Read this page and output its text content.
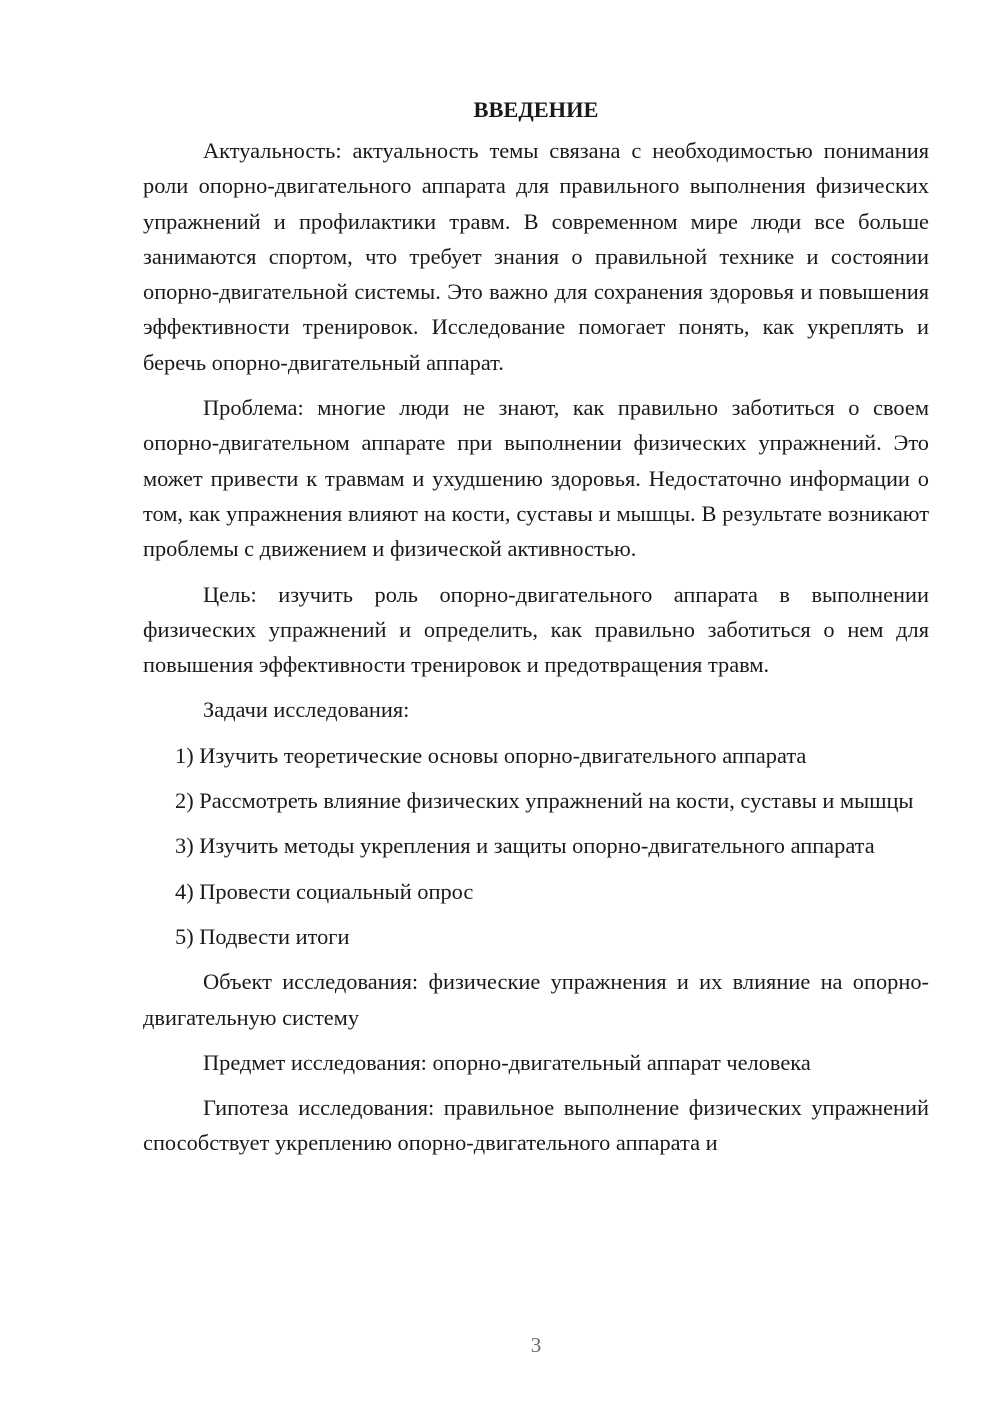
ВВЕДЕНИЕ

Актуальность: актуальность темы связана с необходимостью понимания роли опорно-двигательного аппарата для правильного выполнения физических упражнений и профилактики травм. В современном мире люди все больше занимаются спортом, что требует знания о правильной технике и состоянии опорно-двигательной системы. Это важно для сохранения здоровья и повышения эффективности тренировок. Исследование помогает понять, как укреплять и беречь опорно-двигательный аппарат.

Проблема: многие люди не знают, как правильно заботиться о своем опорно-двигательном аппарате при выполнении физических упражнений. Это может привести к травмам и ухудшению здоровья. Недостаточно информации о том, как упражнения влияют на кости, суставы и мышцы. В результате возникают проблемы с движением и физической активностью.

Цель: изучить роль опорно-двигательного аппарата в выполнении физических упражнений и определить, как правильно заботиться о нем для повышения эффективности тренировок и предотвращения травм.

Задачи исследования:

1) Изучить теоретические основы опорно-двигательного аппарата

2) Рассмотреть влияние физических упражнений на кости, суставы и мышцы

3) Изучить методы укрепления и защиты опорно-двигательного аппарата

4) Провести социальный опрос

5) Подвести итоги

Объект исследования: физические упражнения и их влияние на опорно-двигательную систему

Предмет исследования: опорно-двигательный аппарат человека

Гипотеза исследования: правильное выполнение физических упражнений способствует укреплению опорно-двигательного аппарата и

3
